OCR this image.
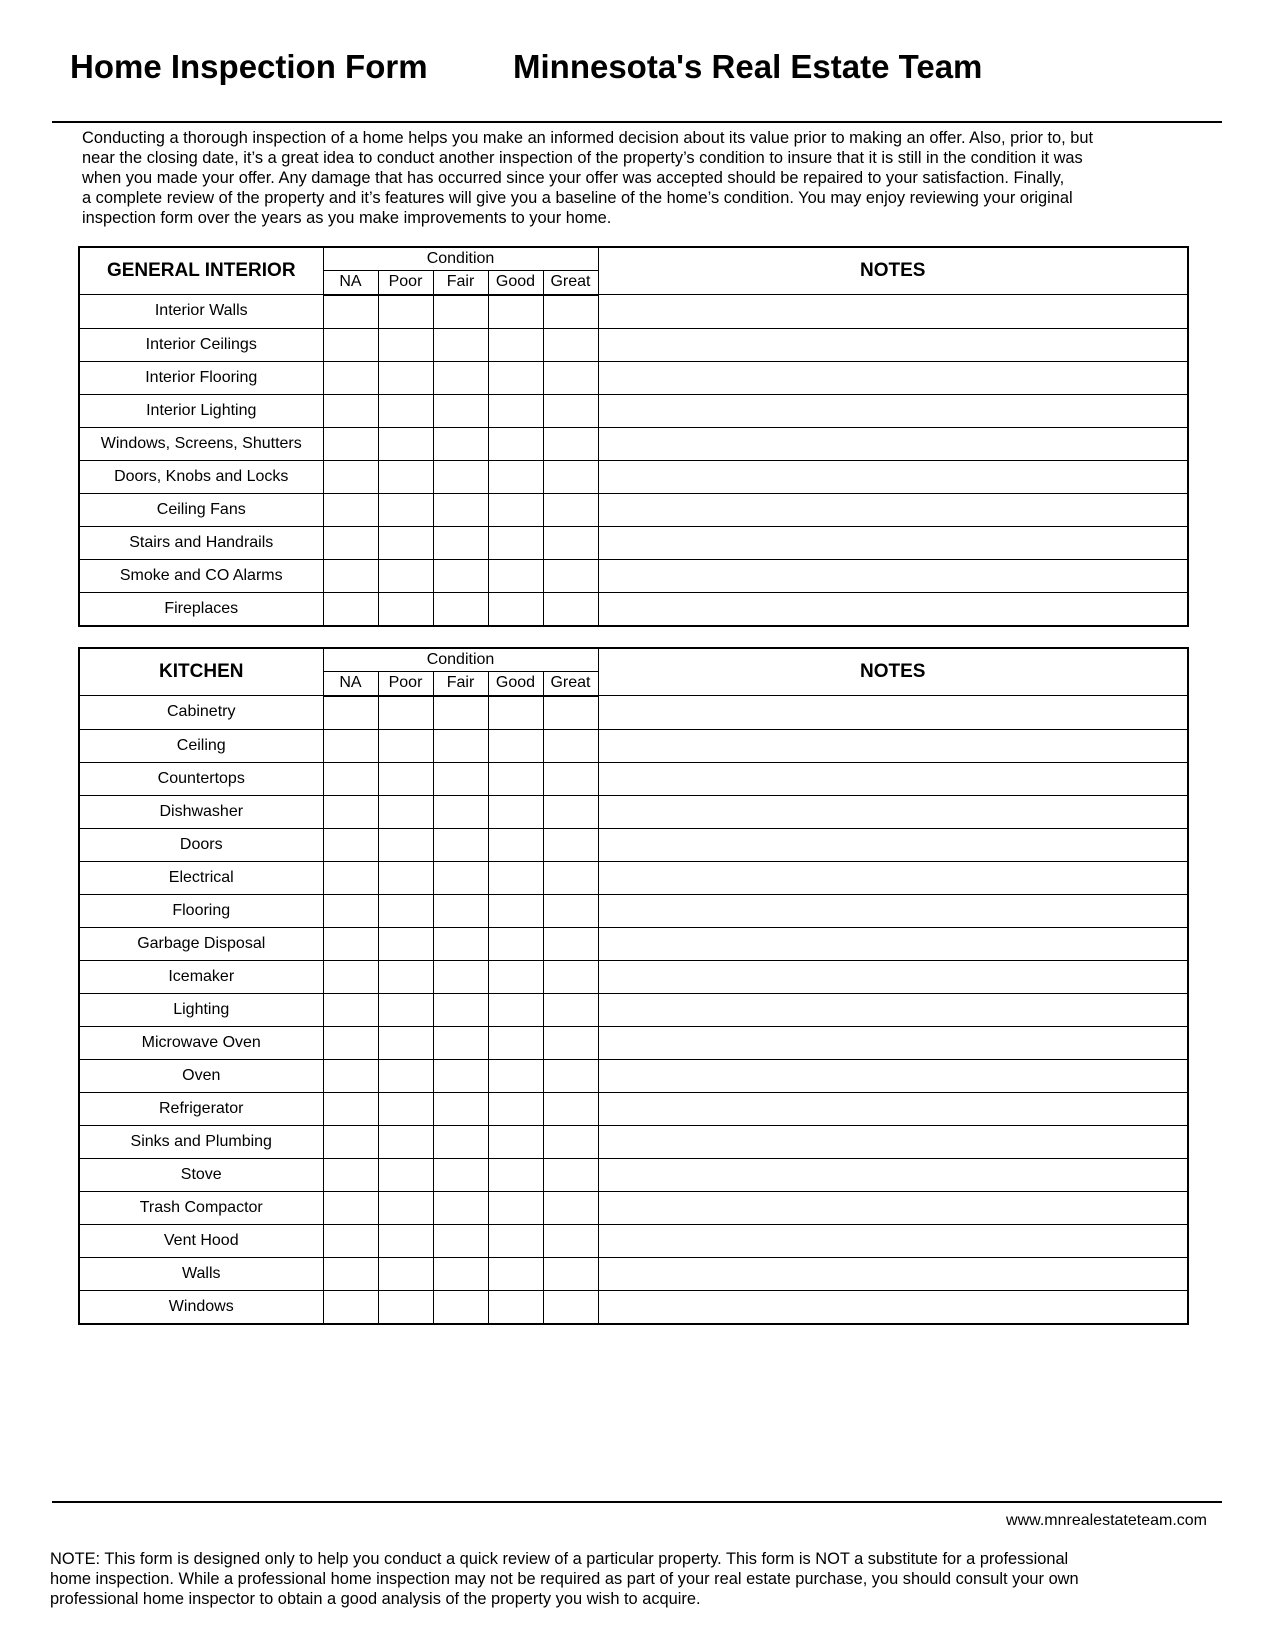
Home Inspection Form	Minnesota's Real Estate Team

Conducting a thorough inspection of a home helps you make an informed decision about its value prior to making an offer. Also, prior to, but
near the closing date, it’s a great idea to conduct another inspection of the property’s condition to insure that it is still in the condition it was
when you made your offer. Any damage that has occurred since your offer was accepted should be repaired to your satisfaction. Finally,
a complete review of the property and it’s features will give you a baseline of the home’s condition. You may enjoy reviewing your original
inspection form over the years as you make improvements to your home.

GENERAL INTERIOR	Condition					NOTES
	NA	Poor	Fair	Good	Great	
Interior Walls						
Interior Ceilings						
Interior Flooring						
Interior Lighting						
Windows, Screens, Shutters						
Doors, Knobs and Locks						
Ceiling Fans						
Stairs and Handrails						
Smoke and CO Alarms						
Fireplaces						
KITCHEN	Condition					NOTES
	NA	Poor	Fair	Good	Great	
Cabinetry						
Ceiling						
Countertops						
Dishwasher						
Doors						
Electrical						
Flooring						
Garbage Disposal						
Icemaker						
Lighting						
Microwave Oven						
Oven						
Refrigerator						
Sinks and Plumbing						
Stove						
Trash Compactor						
Vent Hood						
Walls						
Windows						
www.mnrealestateteam.com

NOTE: This form is designed only to help you conduct a quick review of a particular property. This form is NOT a substitute for a professional
home inspection. While a professional home inspection may not be required as part of your real estate purchase, you should consult your own
professional home inspector to obtain a good analysis of the property you wish to acquire.
